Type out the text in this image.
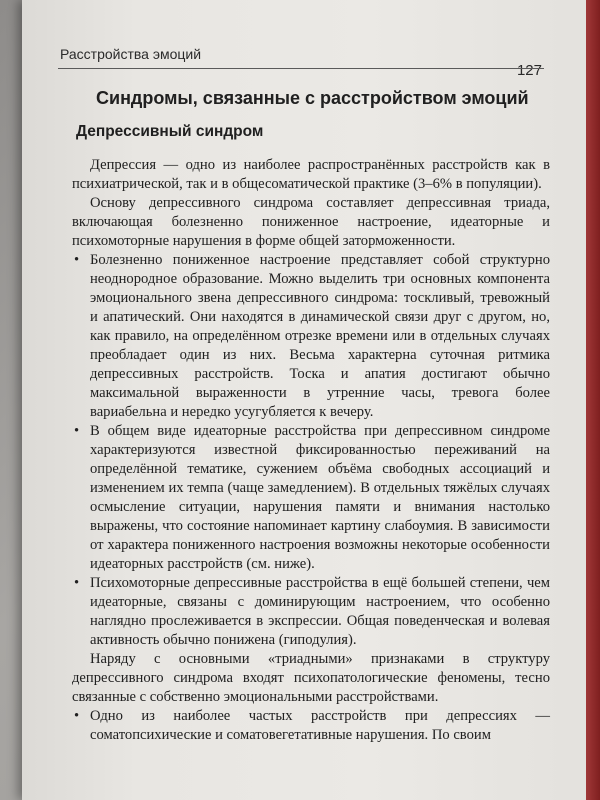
Расстройства эмоций
127
Синдромы, связанные с расстройством эмоций
Депрессивный синдром

Депрессия — одно из наиболее распространённых расстройств как в психиатрической, так и в общесоматической практике (3–6% в популяции).

Основу депрессивного синдрома составляет депрессивная триада, включающая болезненно пониженное настроение, идеаторные и психомоторные нарушения в форме общей заторможенности.

• Болезненно пониженное настроение представляет собой структурно неоднородное образование. Можно выделить три основных компонента эмоционального звена депрессивного синдрома: тоскливый, тревожный и апатический. Они находятся в динамической связи друг с другом, но, как правило, на определённом отрезке времени или в отдельных случаях преобладает один из них. Весьма характерна суточная ритмика депрессивных расстройств. Тоска и апатия достигают обычно максимальной выраженности в утренние часы, тревога более вариабельна и нередко усугубляется к вечеру.
• В общем виде идеаторные расстройства при депрессивном синдроме характеризуются известной фиксированностью переживаний на определённой тематике, сужением объёма свободных ассоциаций и изменением их темпа (чаще замедлением). В отдельных тяжёлых случаях осмысление ситуации, нарушения памяти и внимания настолько выражены, что состояние напоминает картину слабоумия. В зависимости от характера пониженного настроения возможны некоторые особенности идеаторных расстройств (см. ниже).
• Психомоторные депрессивные расстройства в ещё большей степени, чем идеаторные, связаны с доминирующим настроением, что особенно наглядно прослеживается в экспрессии. Общая поведенческая и волевая активность обычно понижена (гиподулия).

Наряду с основными «триадными» признаками в структуру депрессивного синдрома входят психопатологические феномены, тесно связанные с собственно эмоциональными расстройствами.

• Одно из наиболее частых расстройств при депрессиях — соматопсихические и соматовегетативные нарушения. По своим
